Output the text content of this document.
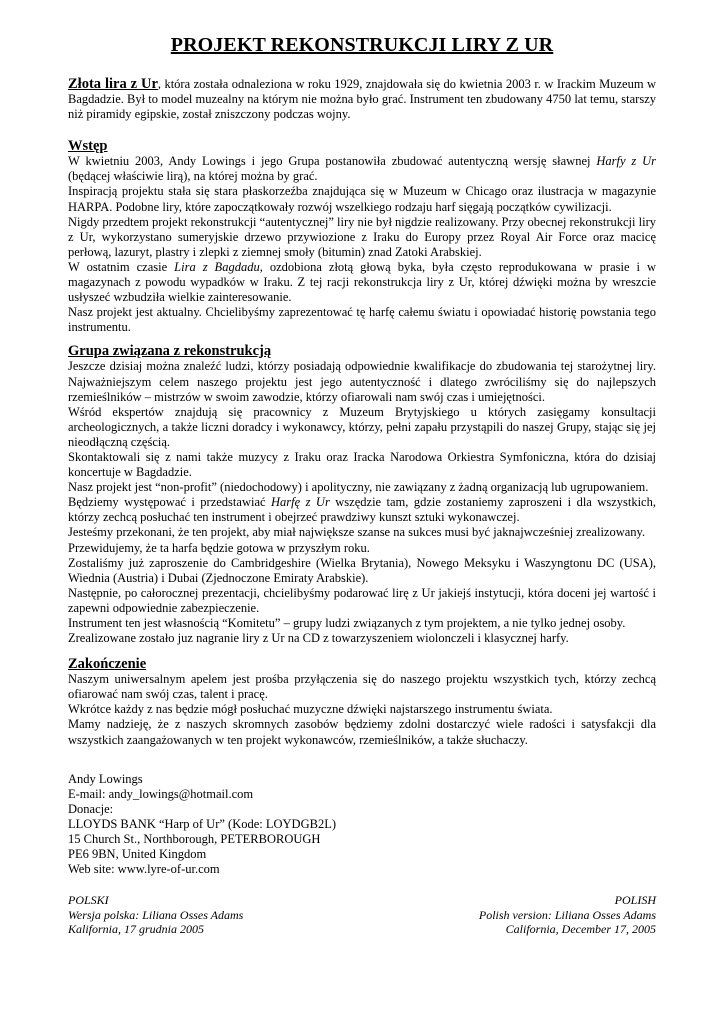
PROJEKT REKONSTRUKCJI LIRY Z UR

Złota lira z Ur, która została odnaleziona w roku 1929, znajdowała się do kwietnia 2003 r. w Irackim Muzeum w Bagdadzie. Był to model muzealny na którym nie można było grać. Instrument ten zbudowany 4750 lat temu, starszy niż piramidy egipskie, został zniszczony podczas wojny.

Wstęp

W kwietniu 2003, Andy Lowings i jego Grupa postanowiła zbudować autentyczną wersję sławnej Harfy z Ur (będącej właściwie lirą), na której można by grać.

Inspiracją projektu stała się stara płaskorzeźba znajdująca się w Muzeum w Chicago oraz ilustracja w magazynie HARPA. Podobne liry, które zapoczątkowały rozwój wszelkiego rodzaju harf sięgają początków cywilizacji.

Nigdy przedtem projekt rekonstrukcji “autentycznej” liry nie był nigdzie realizowany. Przy obecnej rekonstrukcji liry z Ur, wykorzystano sumeryjskie drzewo przywiozione z Iraku do Europy przez Royal Air Force oraz macicę perłową, lazuryt, plastry i zlepki z ziemnej smoły (bitumin) znad Zatoki Arabskiej.

W ostatnim czasie Lira z Bagdadu, ozdobiona złotą głową byka, była często reprodukowana w prasie i w magazynach z powodu wypadków w Iraku. Z tej racji rekonstrukcja liry z Ur, której dźwięki można by wreszcie usłyszeć wzbudziła wielkie zainteresowanie.

Nasz projekt jest aktualny. Chcielibyśmy zaprezentować tę harfę całemu światu i opowiadać historię powstania tego instrumentu.

Grupa związana z rekonstrukcją

Jeszcze dzisiaj można znaleźć ludzi, którzy posiadają odpowiednie kwalifikacje do zbudowania tej starożytnej liry. Najważniejszym celem naszego projektu jest jego autentyczność i dlatego zwróciliśmy się do najlepszych rzemieślników – mistrzów w swoim zawodzie, którzy ofiarowali nam swój czas i umiejętności.

Wśród ekspertów znajdują się pracownicy z Muzeum Brytyjskiego u których zasięgamy konsultacji archeologicznych, a także liczni doradcy i wykonawcy, którzy, pełni zapału przystąpili do naszej Grupy, stając się jej nieodłączną częścią.

Skontaktowali się z nami także muzycy z Iraku oraz Iracka Narodowa Orkiestra Symfoniczna, która do dzisiaj koncertuje w Bagdadzie.

Nasz projekt jest “non-profit” (niedochodowy) i apolityczny, nie zawiązany z żadną organizacją lub ugrupowaniem.

Będziemy występować i przedstawiać Harfę z Ur wszędzie tam, gdzie zostaniemy zaproszeni i dla wszystkich, którzy zechcą posłuchać ten instrument i obejrzeć prawdziwy kunszt sztuki wykonawczej.

Jesteśmy przekonani, że ten projekt, aby miał największe szanse na sukces musi być jaknajwcześniej zrealizowany.

Przewidujemy, że ta harfa będzie gotowa w przyszłym roku.

Zostaliśmy już zaproszenie do Cambridgeshire (Wielka Brytania), Nowego Meksyku i Waszyngtonu DC (USA), Wiednia (Austria) i Dubai (Zjednoczone Emiraty Arabskie).

Następnie, po całorocznej prezentacji, chcielibyśmy podarować lirę z Ur jakiejś instytucji, która doceni jej wartość i zapewni odpowiednie zabezpieczenie.

Instrument ten jest własnością “Komitetu” – grupy ludzi związanych z tym projektem, a nie tylko jednej osoby.

Zrealizowane zostało juz nagranie liry z Ur na CD z towarzyszeniem wiolonczeli i klasycznej harfy.

Zakończenie

Naszym uniwersalnym apelem jest prośba przyłączenia się do naszego projektu wszystkich tych, którzy zechcą ofiarować nam swój czas, talent i pracę.

Wkrótce każdy z nas będzie mógł posłuchać muzyczne dźwięki najstarszego instrumentu świata.

Mamy nadzieję, że z naszych skromnych zasobów będziemy zdolni dostarczyć wiele radości i satysfakcji dla wszystkich zaangażowanych w ten projekt wykonawców, rzemieślników, a także słuchaczy.

Andy Lowings

E-mail: andy_lowings@hotmail.com

Donacje:

LLOYDS BANK “Harp of Ur” (Kode: LOYDGB2L)

15 Church St., Northborough, PETERBOROUGH

PE6 9BN, United Kingdom

Web site: www.lyre-of-ur.com

POLSKI
Wersja polska: Liliana Osses Adams
Kalifornia, 17 grudnia 2005
POLISH
Polish version: Liliana Osses Adams
California, December 17, 2005
